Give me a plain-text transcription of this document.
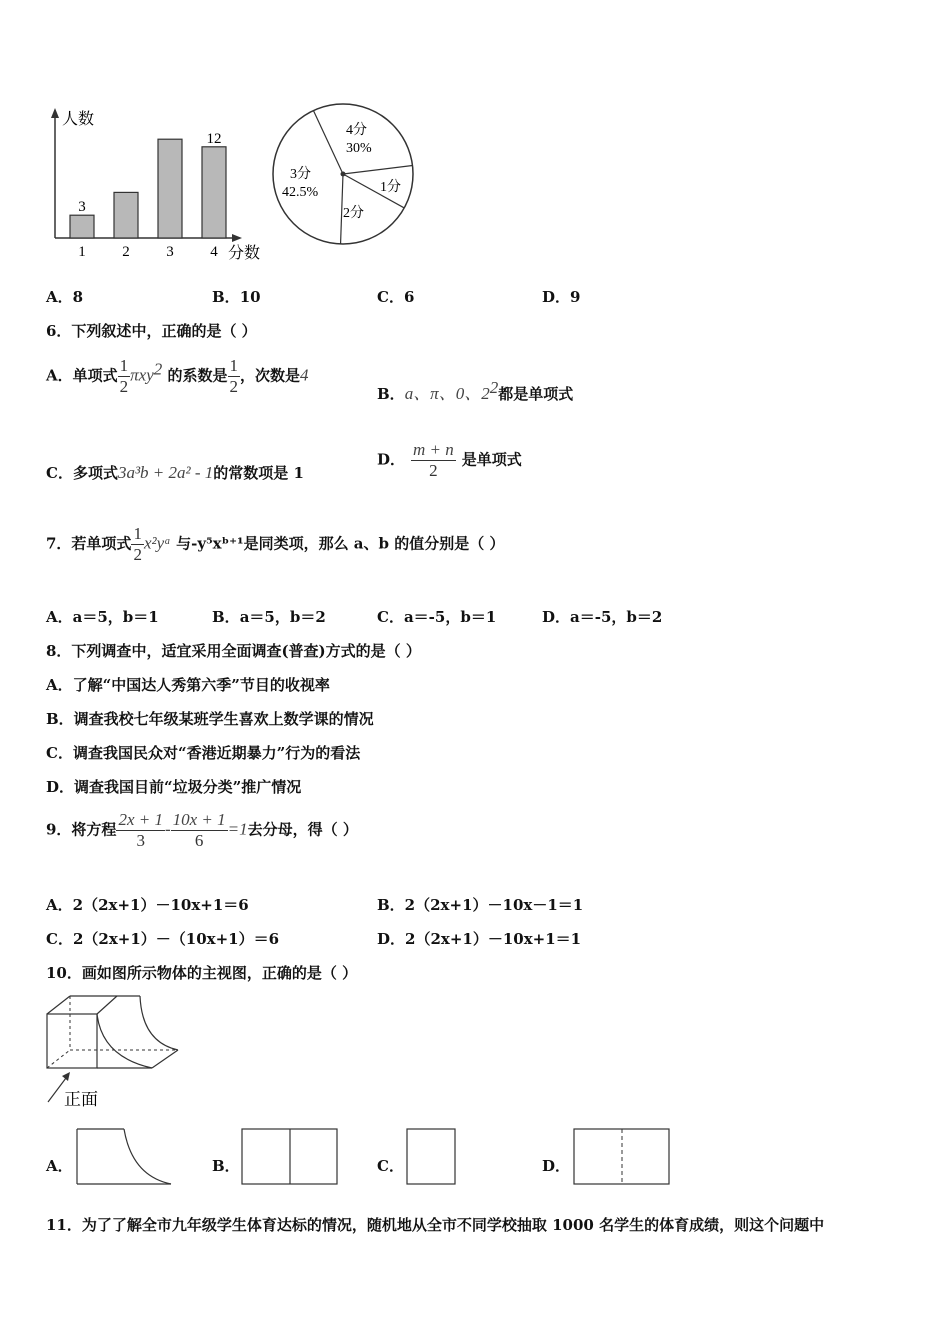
人数
分数
1
3
2 3 4
12
4分
30%
1分
2分
3分
42.5%
A．8	B．10	C．6	D．9
6．下列叙述中，正确的是（ ）
A．单项式 $\frac{1}{2} \pi xy^2$ 的系数是 $\frac{1}{2}$ ，次数是4
B．a、π、0、$2^2$都是单项式
C．多项式3a³b + 2a² - 1的常数项是 1
D． $\frac{m + n}{2}$ 是单项式
7．若单项式 $\frac{1}{2}$ x²yᵃ 与-y⁵xᵇ⁺¹是同类项，那么 a、b 的值分别是（ ）
A．a＝5，b＝1	B．a＝5，b＝2	C．a＝-5，b＝1	D．a＝-5，b＝2
8．下列调查中，适宜采用全面调查(普查)方式的是（ ）
A．了解“中国达人秀第六季”节目的收视率
B．调查我校七年级某班学生喜欢上数学课的情况
C．调查我国民众对“香港近期暴力”行为的看法
D．调查我国目前“垃圾分类”推广情况
9．将方程 $\frac{2x + 1}{3} - \frac{10x + 1}{6} =1$去分母，得（ ）
A．2（2x+1）－10x+1＝6	B．2（2x+1）－10x－1＝1
C．2（2x+1）－（10x+1）＝6	D．2（2x+1）－10x+1＝1
10．画如图所示物体的主视图，正确的是（ ）
正面
A．	B．	C．	D．
11．为了了解全市九年级学生体育达标的情况，随机地从全市不同学校抽取 1000 名学生的体育成绩，则这个问题中
